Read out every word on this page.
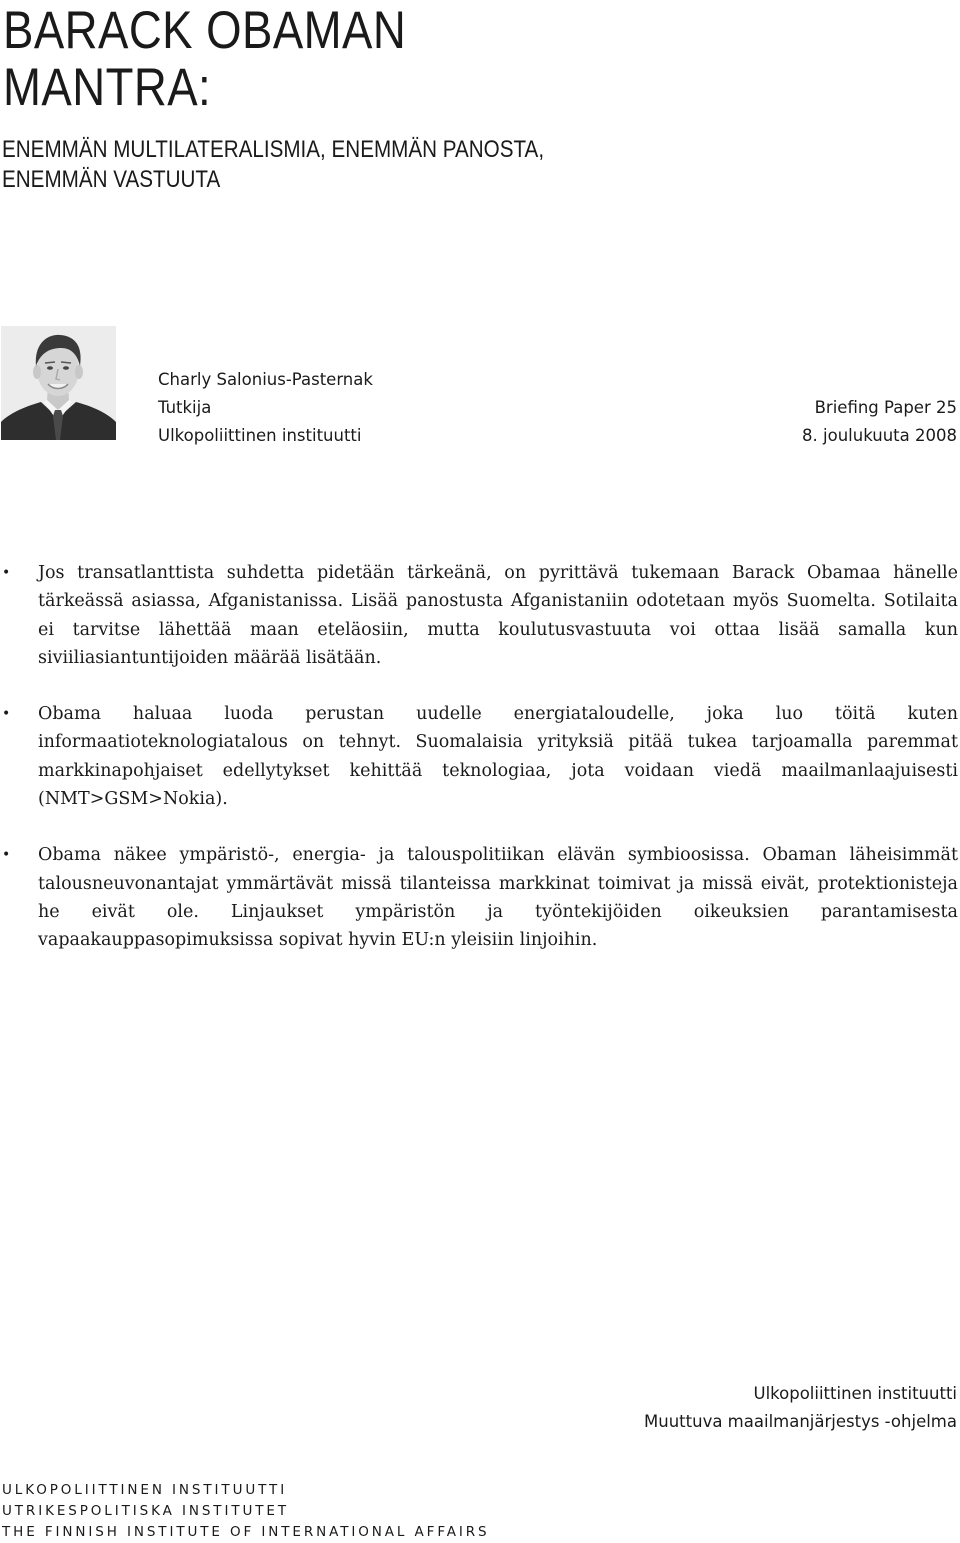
BARACK OBAMAN
MANTRA:
ENEMMÄN MULTILATERALISMIA, ENEMMÄN PANOSTA,
ENEMMÄN VASTUUTA
Charly Salonius-Pasternak
Tutkija
Ulkopoliittinen instituutti
Briefing Paper 25
8. joulukuuta 2008
• Jos transatlanttista suhdetta pidetään tärkeänä, on pyrittävä tukemaan Barack Obamaa hänelle tärkeässä asiassa, Afganistanissa. Lisää panostusta Afganistaniin odotetaan myös Suomelta. Sotilaita ei tarvitse lähettää maan eteläosiin, mutta koulutusvastuuta voi ottaa lisää samalla kun siviiliasiantuntijoiden määrää lisätään.
• Obama haluaa luoda perustan uudelle energiataloudelle, joka luo töitä kuten informaatioteknologiatalous on tehnyt. Suomalaisia yrityksiä pitää tukea tarjoamalla paremmat markkinapohjaiset edellytykset kehittää teknologiaa, jota voidaan viedä maailmanlaajuisesti (NMT>GSM>Nokia).
• Obama näkee ympäristö-, energia- ja talouspolitiikan elävän symbioosissa. Obaman läheisimmät talousneuvonantajat ymmärtävät missä tilanteissa markkinat toimivat ja missä eivät, protektionisteja he eivät ole. Linjaukset ympäristön ja työntekijöiden oikeuksien parantamisesta vapaakauppasopimuksissa sopivat hyvin EU:n yleisiin linjoihin.
Ulkopoliittinen instituutti
Muuttuva maailmanjärjestys -ohjelma
ULKOPOLIITTINEN INSTITUUTTI
UTRIKESPOLITISKA INSTITUTET
THE FINNISH INSTITUTE OF INTERNATIONAL AFFAIRS
